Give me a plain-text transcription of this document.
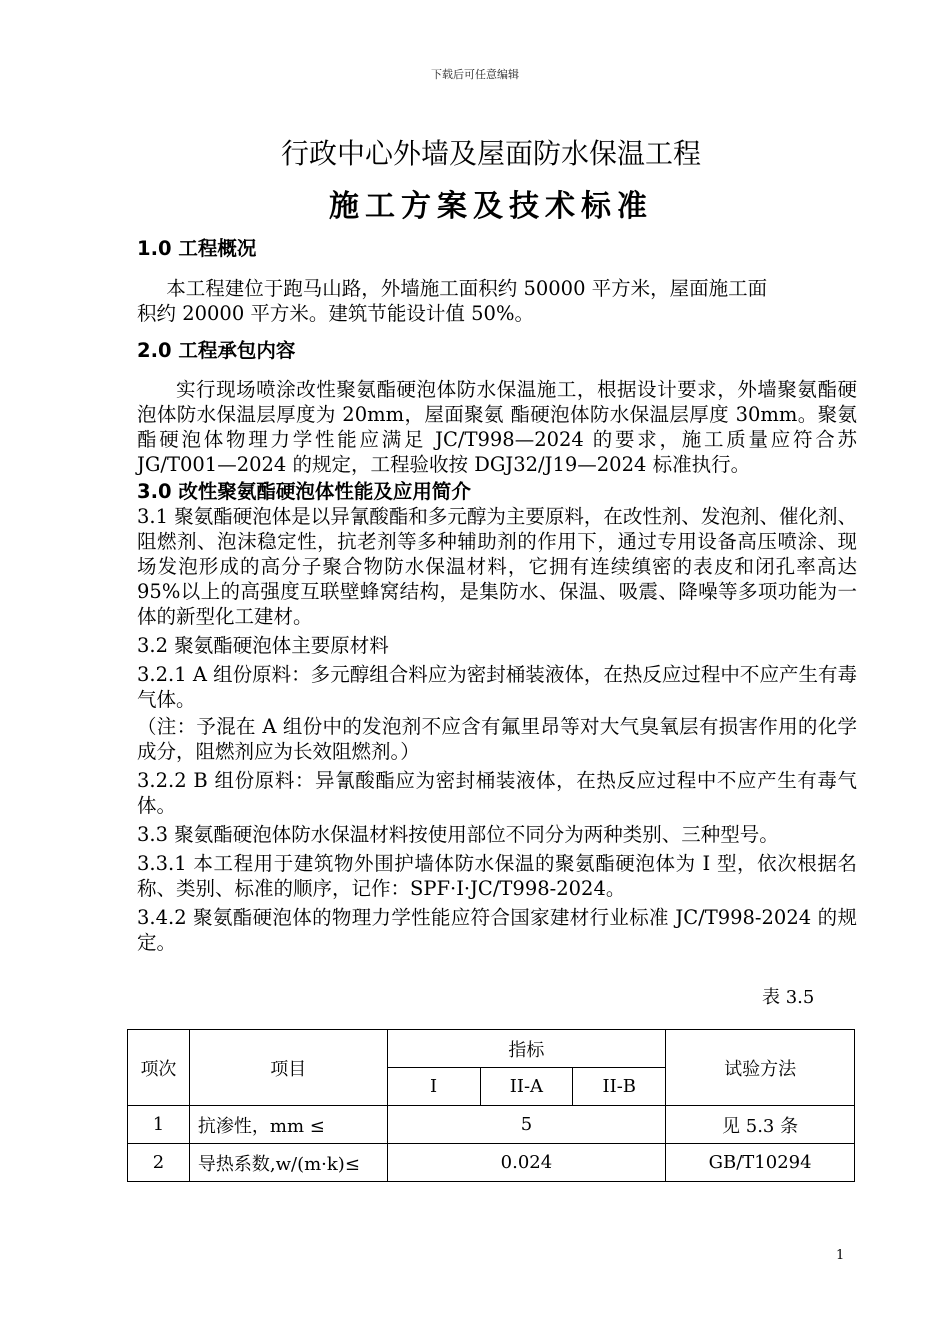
下载后可任意编辑
行政中心外墙及屋面防水保温工程
施工方案及技术标准

1.0 工程概况

本工程建位于跑马山路，外墙施工面积约 50000 平方米，屋面施工面
积约 20000 平方米。建筑节能设计值 50%。

2.0 工程承包内容

实行现场喷涂改性聚氨酯硬泡体防水保温施工，根据设计要求，外墙聚氨酯硬泡体防水保温层厚度为 20mm，屋面聚氨 酯硬泡体防水保温层厚度 30mm。聚氨酯硬泡体物理力学性能应满足 JC/T998—2024 的要求，施工质量应符合苏 JG/T001—2024 的规定，工程验收按 DGJ32/J19—2024 标准执行。

3.0 改性聚氨酯硬泡体性能及应用简介

3.1 聚氨酯硬泡体是以异氰酸酯和多元醇为主要原料，在改性剂、发泡剂、催化剂、阻燃剂、泡沫稳定性，抗老剂等多种辅助剂的作用下，通过专用设备高压喷涂、现场发泡形成的高分子聚合物防水保温材料，它拥有连续缜密的表皮和闭孔率高达 95%以上的高强度互联壁蜂窝结构，是集防水、保温、吸震、降噪等多项功能为一体的新型化工建材。

3.2 聚氨酯硬泡体主要原材料

3.2.1 A 组份原料：多元醇组合料应为密封桶装液体，在热反应过程中不应产生有毒气体。

（注：予混在 A 组份中的发泡剂不应含有氟里昂等对大气臭氧层有损害作用的化学成分，阻燃剂应为长效阻燃剂。）

3.2.2 B 组份原料：异氰酸酯应为密封桶装液体，在热反应过程中不应产生有毒气体。

3.3 聚氨酯硬泡体防水保温材料按使用部位不同分为两种类别、三种型号。

3.3.1 本工程用于建筑物外围护墙体防水保温的聚氨酯硬泡体为 I 型，依次根据名称、类别、标准的顺序，记作：SPF·I·JC/T998-2024。

3.4.2 聚氨酯硬泡体的物理力学性能应符合国家建材行业标准 JC/T998-2024 的规定。

表 3.5
项次	项目	指标			试验方法
		I	II-A	II-B	
1	抗渗性，mm ≤	5			见 5.3 条
2	导热系数,w/(m·k)≤	0.024			GB/T10294
1
